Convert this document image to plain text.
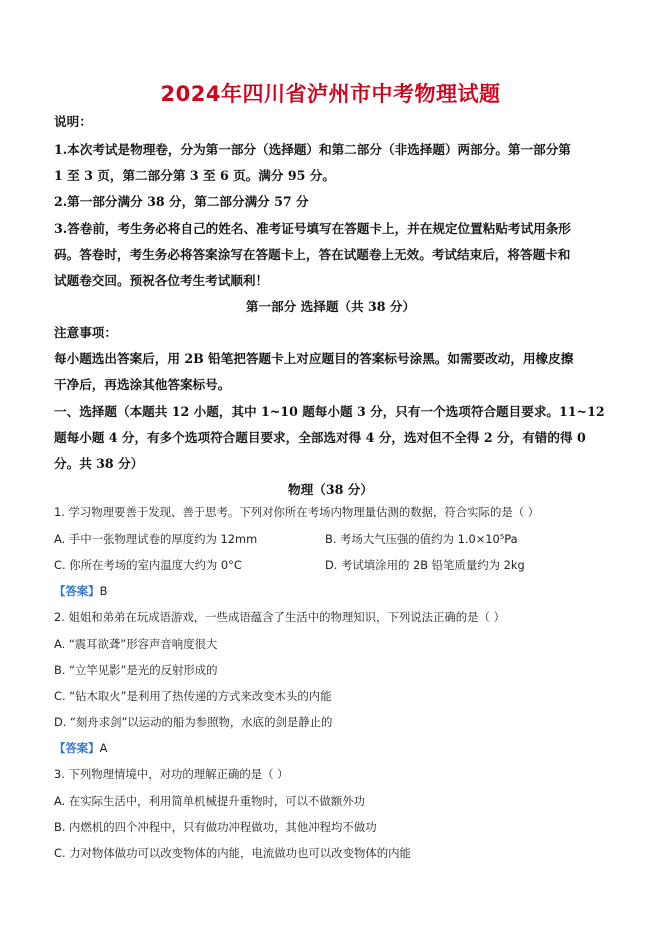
2024年四川省泸州市中考物理试题
说明：
1.本次考试是物理卷，分为第一部分（选择题）和第二部分（非选择题）两部分。第一部分第
1 至 3 页，第二部分第 3 至 6 页。满分 95 分。
2.第一部分满分 38 分，第二部分满分 57 分
3.答卷前，考生务必将自己的姓名、准考证号填写在答题卡上，并在规定位置粘贴考试用条形
码。答卷时，考生务必将答案涂写在答题卡上，答在试题卷上无效。考试结束后，将答题卡和
试题卷交回。预祝各位考生考试顺利！
第一部分 选择题（共 38 分）
注意事项：
每小题选出答案后，用 2B 铅笔把答题卡上对应题目的答案标号涂黑。如需要改动，用橡皮擦
干净后，再选涂其他答案标号。
一、选择题（本题共 12 小题，其中 1~10 题每小题 3 分，只有一个选项符合题目要求。11~12
题每小题 4 分，有多个选项符合题目要求，全部选对得 4 分，选对但不全得 2 分，有错的得 0
分。共 38 分）
物理（38 分）
1. 学习物理要善于发现、善于思考。下列对你所在考场内物理量估测的数据，符合实际的是（ ）
A. 手中一张物理试卷的厚度约为 12mm	B. 考场大气压强的值约为 1.0×10⁵Pa
C. 你所在考场的室内温度大约为 0°C	D. 考试填涂用的 2B 铅笔质量约为 2kg
【答案】B
2. 姐姐和弟弟在玩成语游戏，一些成语蕴含了生活中的物理知识，下列说法正确的是（ ）
A. “震耳欲聋”形容声音响度很大
B. “立竿见影”是光的反射形成的
C. “钻木取火”是利用了热传递的方式来改变木头的内能
D. “刻舟求剑”以运动的船为参照物，水底的剑是静止的
【答案】A
3. 下列物理情境中，对功的理解正确的是（ ）
A. 在实际生活中，利用简单机械提升重物时，可以不做额外功
B. 内燃机的四个冲程中，只有做功冲程做功，其他冲程均不做功
C. 力对物体做功可以改变物体的内能，电流做功也可以改变物体的内能
